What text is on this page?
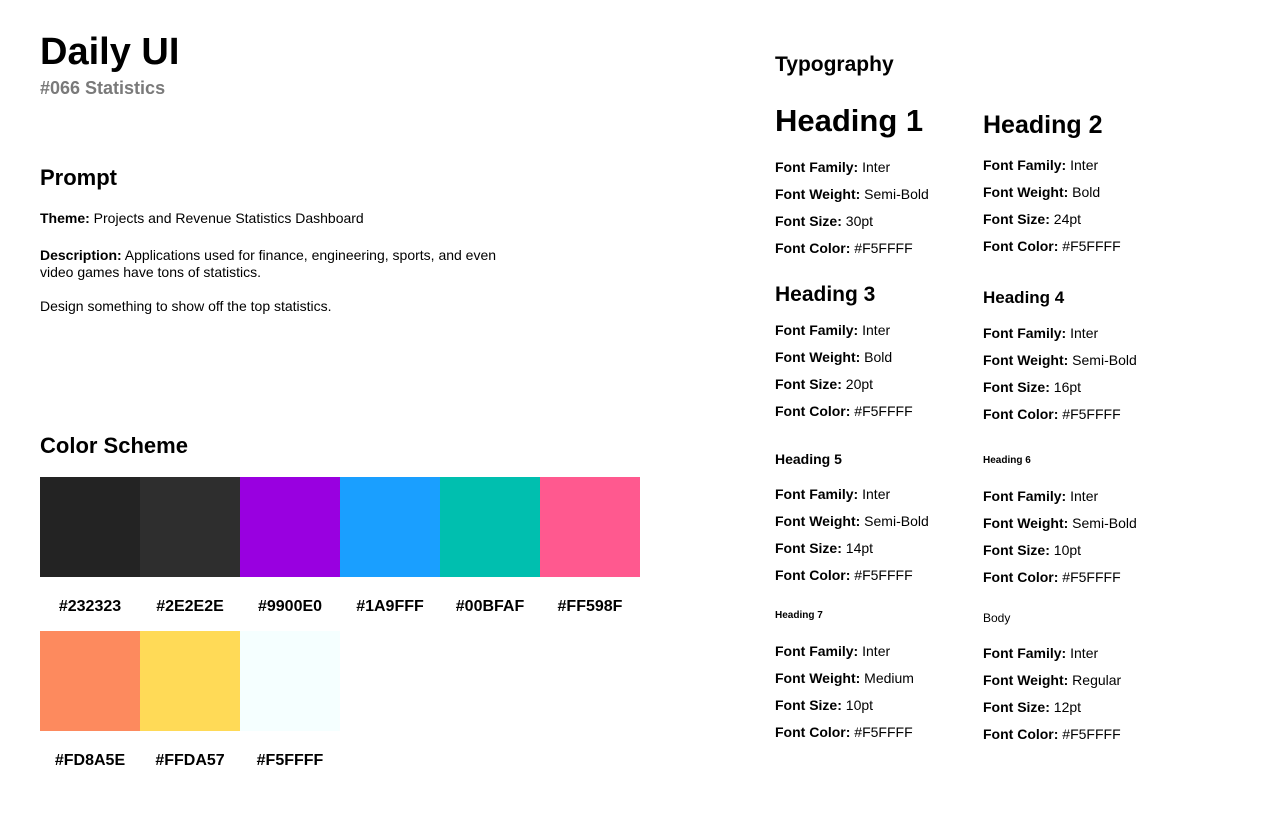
Daily UI
#066 Statistics
Prompt
Theme: Projects and Revenue Statistics Dashboard
Description: Applications used for finance, engineering, sports, and even video games have tons of statistics.
Design something to show off the top statistics.
Color Scheme
#232323	#2E2E2E	#9900E0	#1A9FFF	#00BFAF	#FF598F
#FD8A5E	#FFDA57	#F5FFFF
Typography
Heading 1
Font Family: Inter
Font Weight: Semi-Bold
Font Size: 30pt
Font Color: #F5FFFF
Heading 2
Font Family: Inter
Font Weight: Bold
Font Size: 24pt
Font Color: #F5FFFF
Heading 3
Font Family: Inter
Font Weight: Bold
Font Size: 20pt
Font Color: #F5FFFF
Heading 4
Font Family: Inter
Font Weight: Semi-Bold
Font Size: 16pt
Font Color: #F5FFFF
Heading 5
Font Family: Inter
Font Weight: Semi-Bold
Font Size: 14pt
Font Color: #F5FFFF
Heading 6
Font Family: Inter
Font Weight: Semi-Bold
Font Size: 10pt
Font Color: #F5FFFF
Heading 7
Font Family: Inter
Font Weight: Medium
Font Size: 10pt
Font Color: #F5FFFF
Body
Font Family: Inter
Font Weight: Regular
Font Size: 12pt
Font Color: #F5FFFF
